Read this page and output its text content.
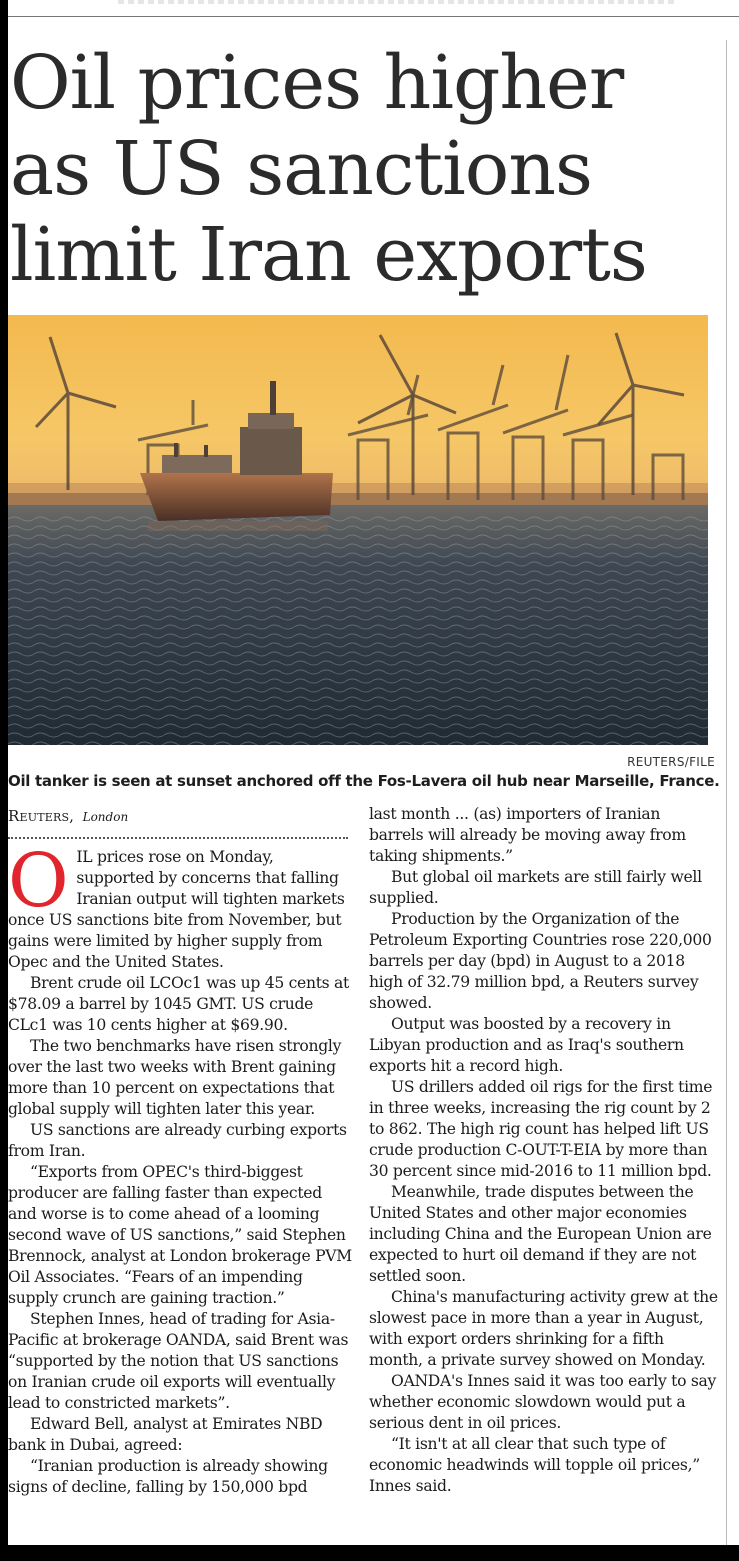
Oil prices higher as US sanctions limit Iran exports
REUTERS/FILE

Oil tanker is seen at sunset anchored off the Fos-Lavera oil hub near Marseille, France.

Reuters, London

OIL prices rose on Monday, supported by concerns that falling Iranian output will tighten markets once US sanctions bite from November, but gains were limited by higher supply from Opec and the United States.

Brent crude oil LCOc1 was up 45 cents at $78.09 a barrel by 1045 GMT. US crude CLc1 was 10 cents higher at $69.90.

The two benchmarks have risen strongly over the last two weeks with Brent gaining more than 10 percent on expectations that global supply will tighten later this year.

US sanctions are already curbing exports from Iran.

“Exports from OPEC's third-biggest producer are falling faster than expected and worse is to come ahead of a looming second wave of US sanctions,” said Stephen Brennock, analyst at London brokerage PVM Oil Associates. “Fears of an impending supply crunch are gaining traction.”

Stephen Innes, head of trading for Asia-Pacific at brokerage OANDA, said Brent was “supported by the notion that US sanctions on Iranian crude oil exports will eventually lead to constricted markets”.

Edward Bell, analyst at Emirates NBD bank in Dubai, agreed:

“Iranian production is already showing signs of decline, falling by 150,000 bpd

last month ... (as) importers of Iranian barrels will already be moving away from taking shipments.”

But global oil markets are still fairly well supplied.

Production by the Organization of the Petroleum Exporting Countries rose 220,000 barrels per day (bpd) in August to a 2018 high of 32.79 million bpd, a Reuters survey showed.

Output was boosted by a recovery in Libyan production and as Iraq's southern exports hit a record high.

US drillers added oil rigs for the first time in three weeks, increasing the rig count by 2 to 862. The high rig count has helped lift US crude production C-OUT-T-EIA by more than 30 percent since mid-2016 to 11 million bpd.

Meanwhile, trade disputes between the United States and other major economies including China and the European Union are expected to hurt oil demand if they are not settled soon.

China's manufacturing activity grew at the slowest pace in more than a year in August, with export orders shrinking for a fifth month, a private survey showed on Monday.

OANDA's Innes said it was too early to say whether economic slowdown would put a serious dent in oil prices.

“It isn't at all clear that such type of economic headwinds will topple oil prices,” Innes said.
